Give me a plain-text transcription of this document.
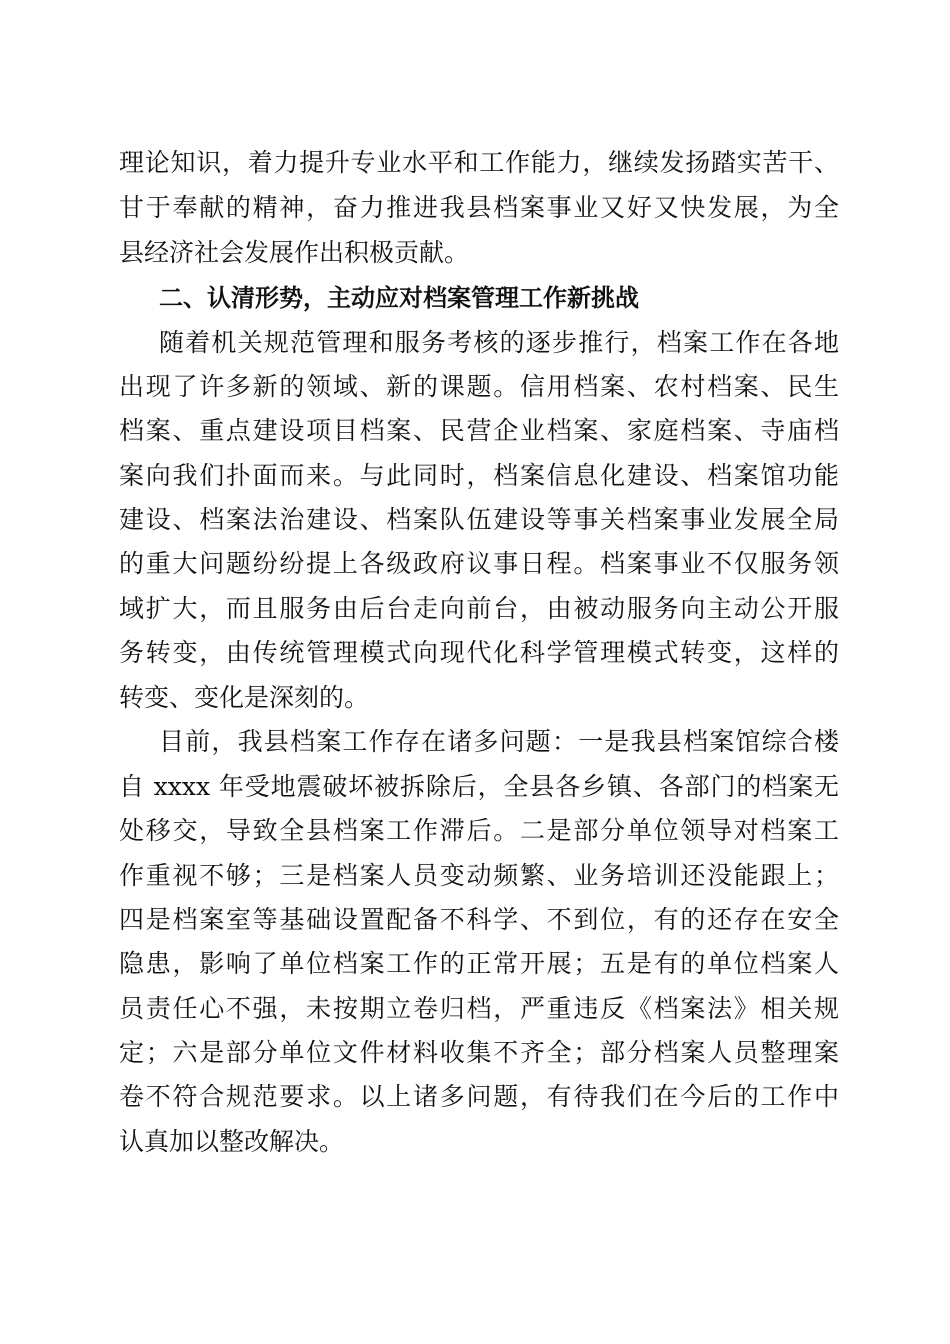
理论知识，着力提升专业水平和工作能力，继续发扬踏实苦干、
甘于奉献的精神，奋力推进我县档案事业又好又快发展，为全
县经济社会发展作出积极贡献。
二、认清形势，主动应对档案管理工作新挑战
随着机关规范管理和服务考核的逐步推行，档案工作在各地
出现了许多新的领域、新的课题。信用档案、农村档案、民生
档案、重点建设项目档案、民营企业档案、家庭档案、寺庙档
案向我们扑面而来。与此同时，档案信息化建设、档案馆功能
建设、档案法治建设、档案队伍建设等事关档案事业发展全局
的重大问题纷纷提上各级政府议事日程。档案事业不仅服务领
域扩大，而且服务由后台走向前台，由被动服务向主动公开服
务转变，由传统管理模式向现代化科学管理模式转变，这样的
转变、变化是深刻的。
目前，我县档案工作存在诸多问题：一是我县档案馆综合楼
自 xxxx 年受地震破坏被拆除后，全县各乡镇、各部门的档案无
处移交，导致全县档案工作滞后。二是部分单位领导对档案工
作重视不够；三是档案人员变动频繁、业务培训还没能跟上；
四是档案室等基础设置配备不科学、不到位，有的还存在安全
隐患，影响了单位档案工作的正常开展；五是有的单位档案人
员责任心不强，未按期立卷归档，严重违反《档案法》相关规
定；六是部分单位文件材料收集不齐全；部分档案人员整理案
卷不符合规范要求。以上诸多问题，有待我们在今后的工作中
认真加以整改解决。
